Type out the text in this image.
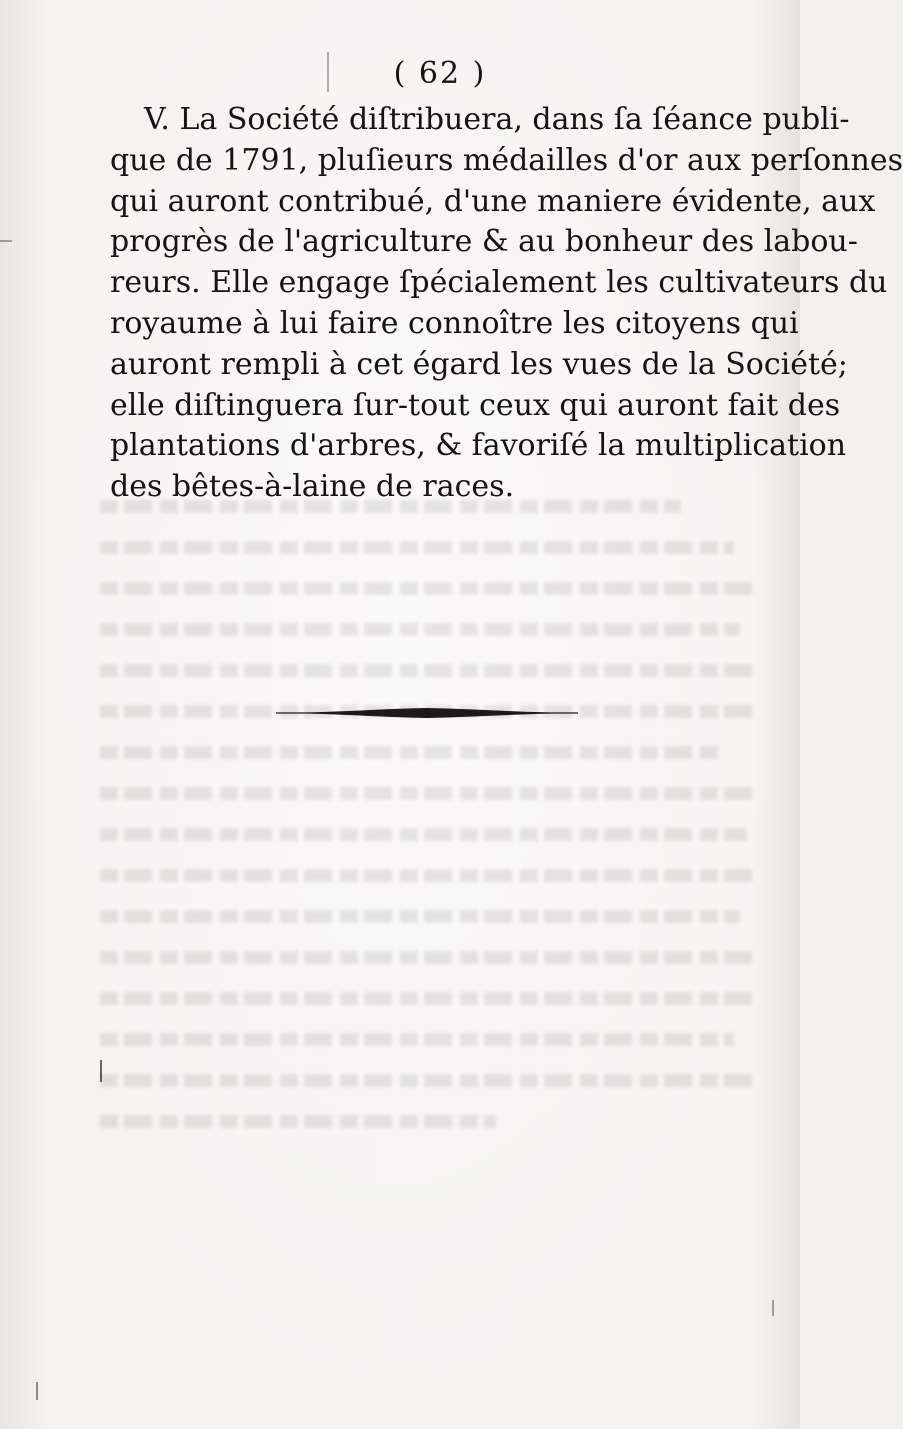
( 62 )
V. La Société diſtribuera, dans ſa ſéance publi-
que de 1791, pluſieurs médailles d'or aux perſonnes
qui auront contribué, d'une maniere évidente, aux
progrès de l'agriculture & au bonheur des labou-
reurs. Elle engage ſpécialement les cultivateurs du
royaume à lui faire connoître les citoyens qui
auront rempli à cet égard les vues de la Société;
elle diſtinguera ſur-tout ceux qui auront fait des
plantations d'arbres, & favoriſé la multiplication
des bêtes-à-laine de races.
